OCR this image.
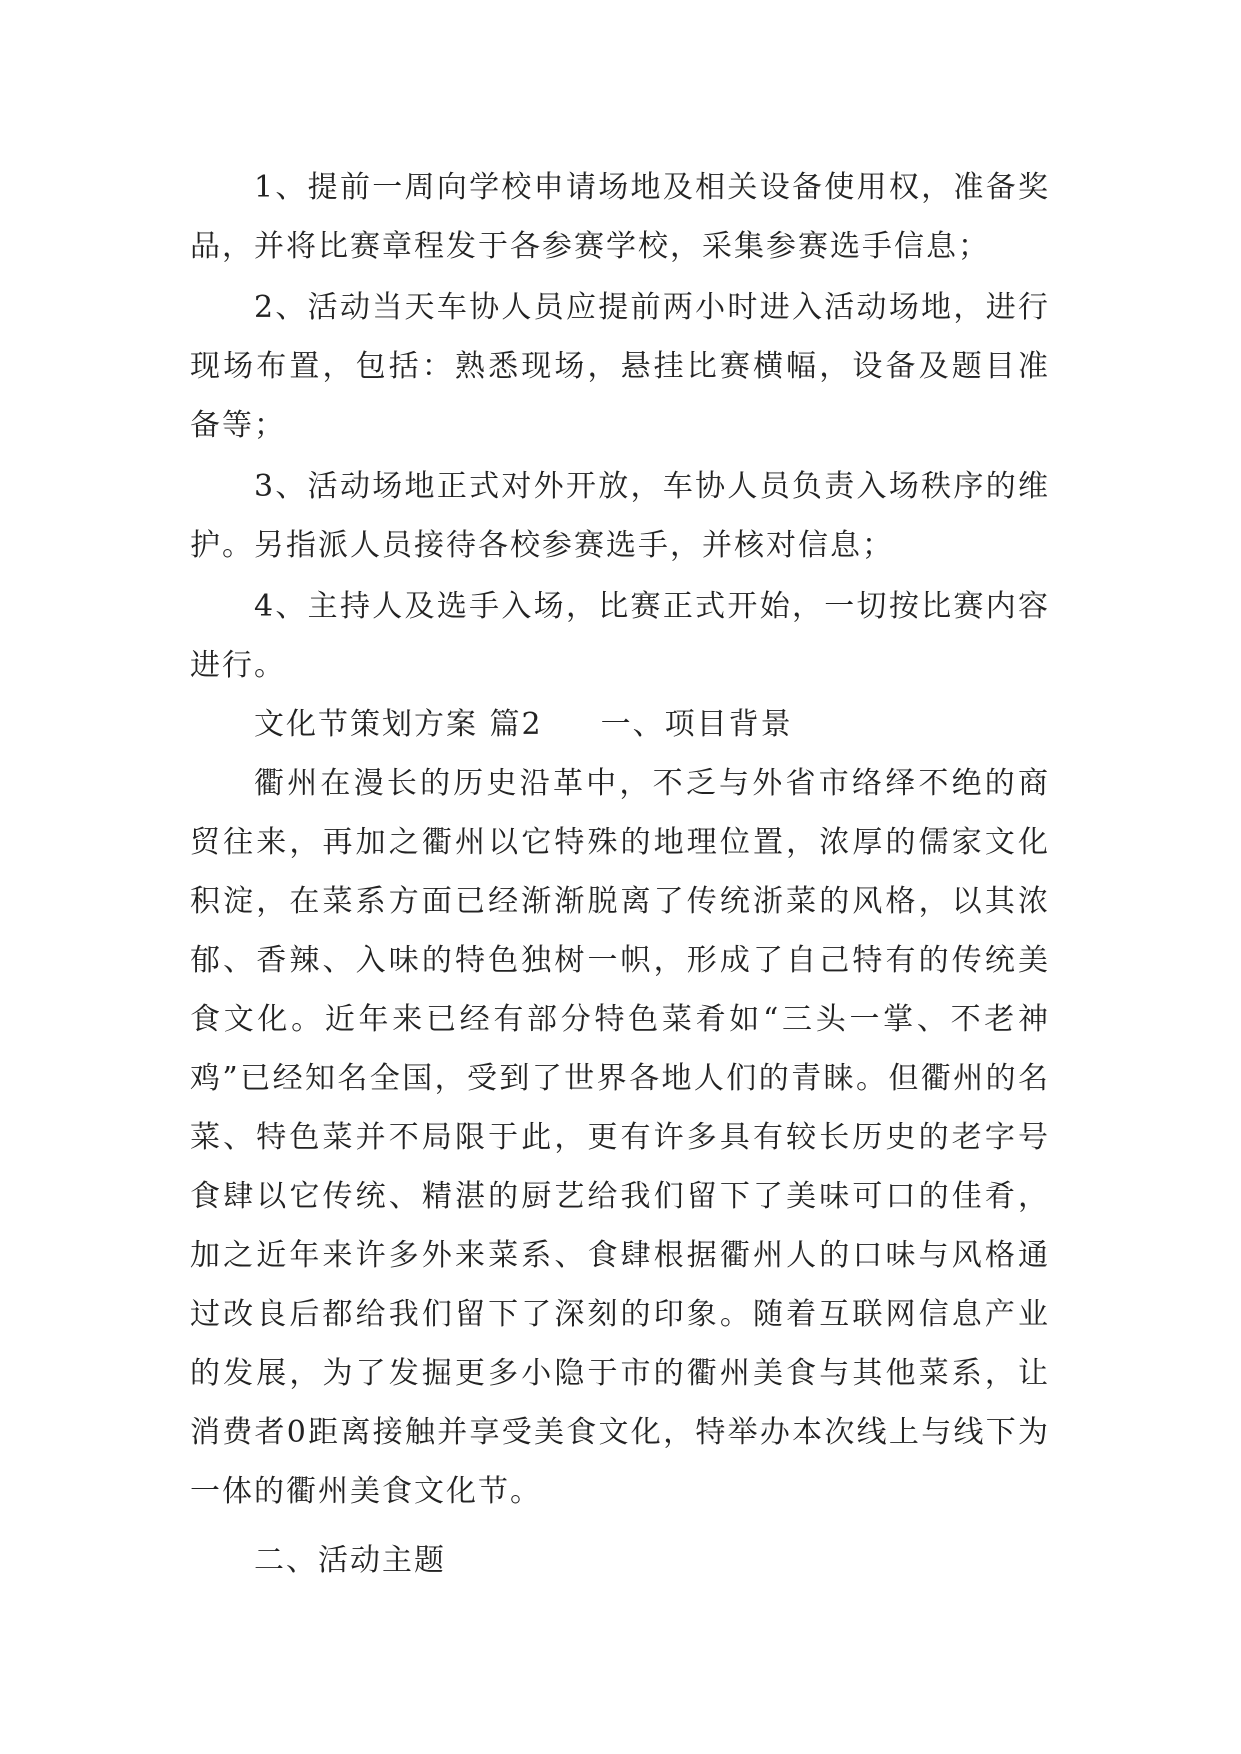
1、提前一周向学校申请场地及相关设备使用权，准备奖品，并将比赛章程发于各参赛学校，采集参赛选手信息；

2、活动当天车协人员应提前两小时进入活动场地，进行现场布置，包括：熟悉现场，悬挂比赛横幅，设备及题目准备等；

3、活动场地正式对外开放，车协人员负责入场秩序的维护。另指派人员接待各校参赛选手，并核对信息；

4、主持人及选手入场，比赛正式开始，一切按比赛内容进行。

文化节策划方案 篇2 一、项目背景

衢州在漫长的历史沿革中，不乏与外省市络绎不绝的商贸往来，再加之衢州以它特殊的地理位置，浓厚的儒家文化积淀，在菜系方面已经渐渐脱离了传统浙菜的风格，以其浓郁、香辣、入味的特色独树一帜，形成了自己特有的传统美食文化。近年来已经有部分特色菜肴如“三头一掌、不老神鸡”已经知名全国，受到了世界各地人们的青睐。但衢州的名菜、特色菜并不局限于此，更有许多具有较长历史的老字号食肆以它传统、精湛的厨艺给我们留下了美味可口的佳肴，加之近年来许多外来菜系、食肆根据衢州人的口味与风格通过改良后都给我们留下了深刻的印象。随着互联网信息产业的发展，为了发掘更多小隐于市的衢州美食与其他菜系，让消费者0距离接触并享受美食文化，特举办本次线上与线下为一体的衢州美食文化节。

二、活动主题
